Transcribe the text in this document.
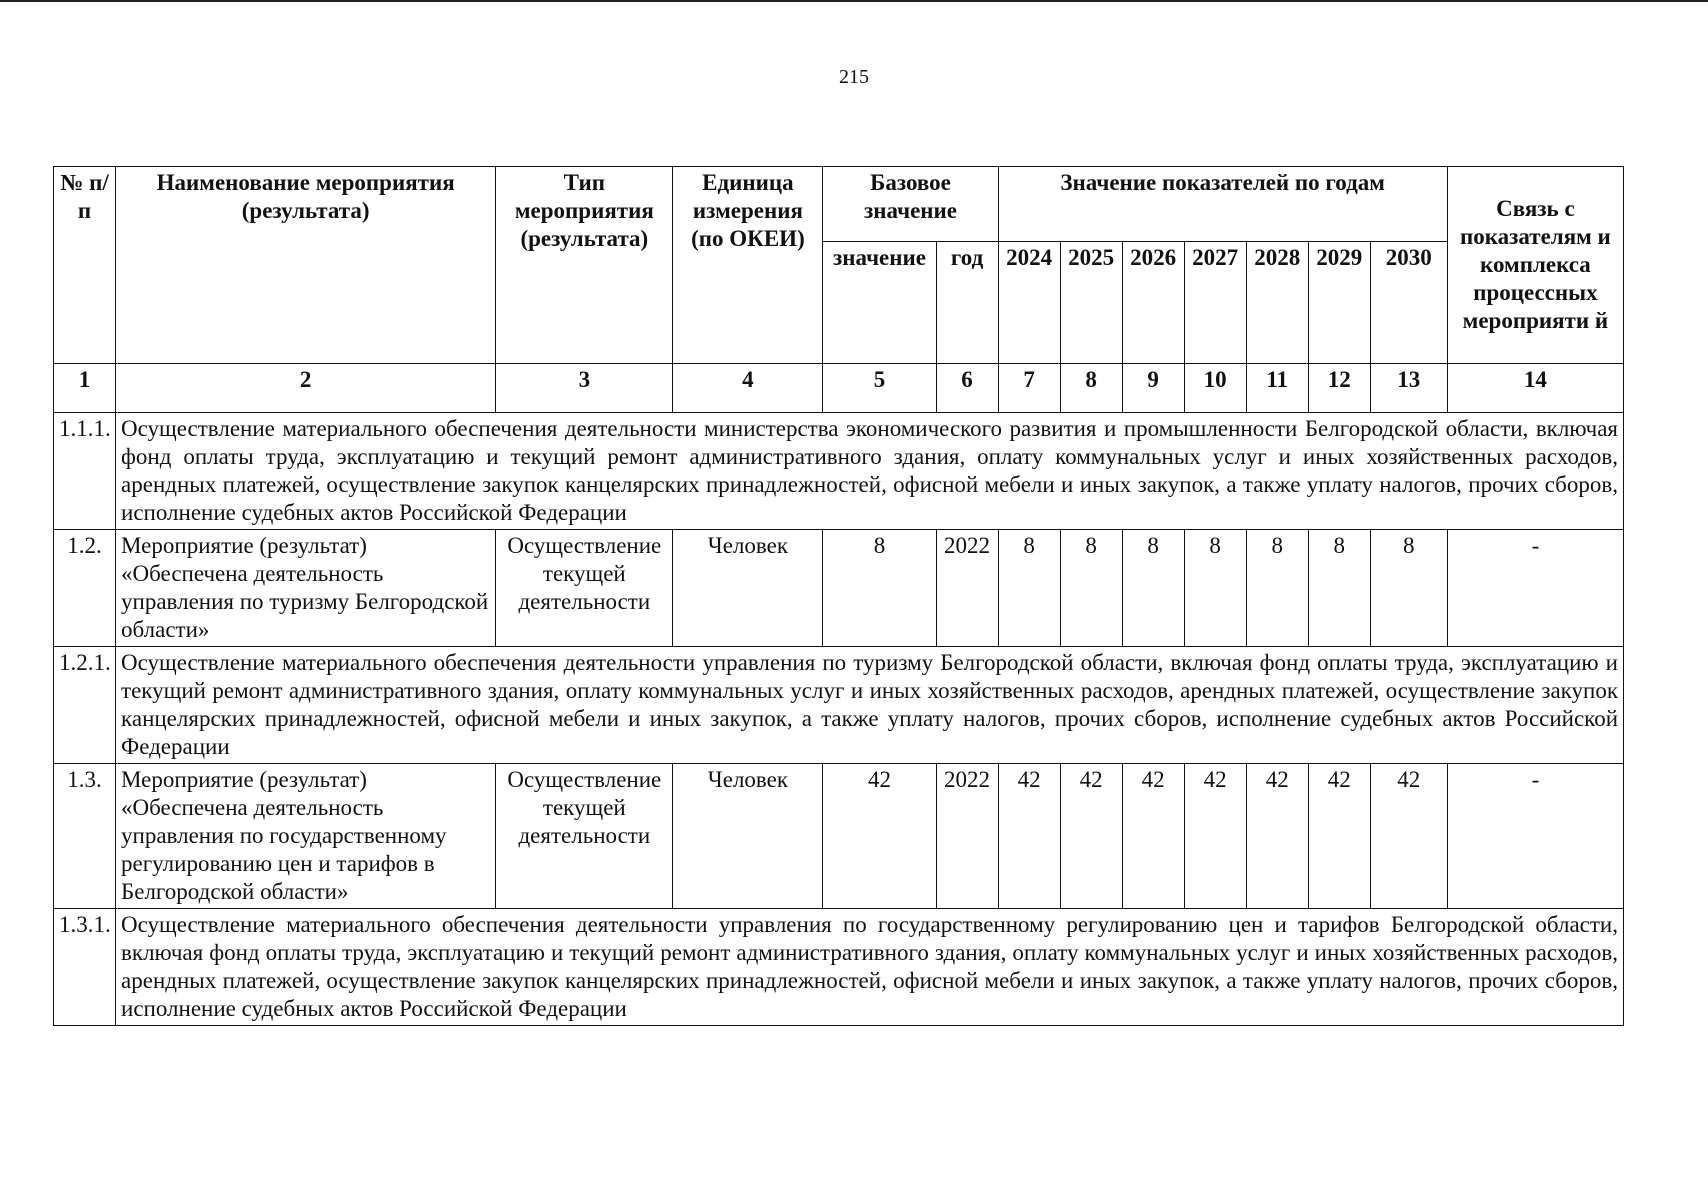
215
№ п/п	Наименование мероприятия (результата)	Тип мероприятия (результата)	Единица измерения (по ОКЕИ)	Базовое значение		Значение показателей по годам							Связь с показателям и комплекса процессных мероприяти й
				значение	год	2024	2025	2026	2027	2028	2029	2030	
1	2	3	4	5	6	7	8	9	10	11	12	13	14
1.1.1.	Осуществление материального обеспечения деятельности министерства экономического развития и промышленности Белгородской области, включая фонд оплаты труда, эксплуатацию и текущий ремонт административного здания, оплату коммунальных услуг и иных хозяйственных расходов, арендных платежей, осуществление закупок канцелярских принадлежностей, офисной мебели и иных закупок, а также уплату налогов, прочих сборов, исполнение судебных актов Российской Федерации												
1.2.	Мероприятие (результат) «Обеспечена деятельность управления по туризму Белгородской области»	Осуществление текущей деятельности	Человек	8	2022	8	8	8	8	8	8	8	-
1.2.1.	Осуществление материального обеспечения деятельности управления по туризму Белгородской области, включая фонд оплаты труда, эксплуатацию и текущий ремонт административного здания, оплату коммунальных услуг и иных хозяйственных расходов, арендных платежей, осуществление закупок канцелярских принадлежностей, офисной мебели и иных закупок, а также уплату налогов, прочих сборов, исполнение судебных актов Российской Федерации												
1.3.	Мероприятие (результат) «Обеспечена деятельность управления по государственному регулированию цен и тарифов в Белгородской области»	Осуществление текущей деятельности	Человек	42	2022	42	42	42	42	42	42	42	-
1.3.1.	Осуществление материального обеспечения деятельности управления по государственному регулированию цен и тарифов Белгородской области, включая фонд оплаты труда, эксплуатацию и текущий ремонт административного здания, оплату коммунальных услуг и иных хозяйственных расходов, арендных платежей, осуществление закупок канцелярских принадлежностей, офисной мебели и иных закупок, а также уплату налогов, прочих сборов, исполнение судебных актов Российской Федерации												
